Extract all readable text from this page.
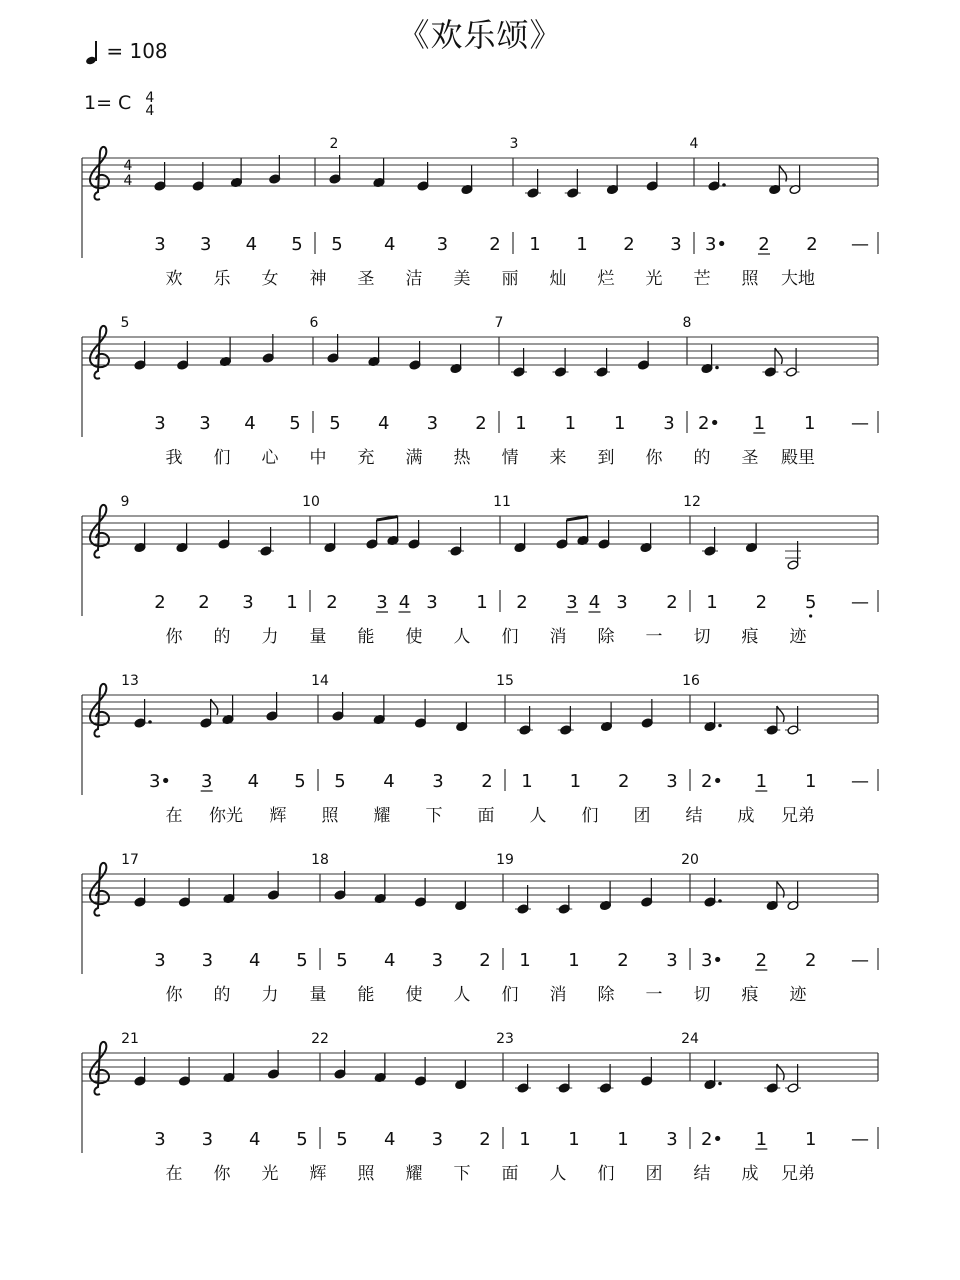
《欢乐颂》
= 108
1= C 4
4
4
4
3 3 4 5
2
5 4 3 2
3
1 1 2 3
4
3• 2 2 —
欢 乐 女 神 圣 洁 美 丽 灿 烂 光 芒 照 大地
5
3 3 4 5
6
5 4 3 2
7
1 1 1 3
8
2• 1 1 —
我 们 心 中 充 满 热 情 来 到 你 的 圣 殿里
9
2 2 3 1
10
2 3 4 3 1
11
2 3 4 3 2
12
1 2 5 —
你 的 力 量 能 使 人 们 消 除 一 切 痕 迹
13
3• 3 4 5
14
5 4 3 2
15
1 1 2 3
16
2• 1 1 —
在 你光 辉 照 耀 下 面 人 们 团 结 成 兄弟
17
3 3 4 5
18
5 4 3 2
19
1 1 2 3
20
3• 2 2 —
你 的 力 量 能 使 人 们 消 除 一 切 痕 迹
21
3 3 4 5
22
5 4 3 2
23
1 1 1 3
24
2• 1 1 —
在 你 光 辉 照 耀 下 面 人 们 团 结 成 兄弟
